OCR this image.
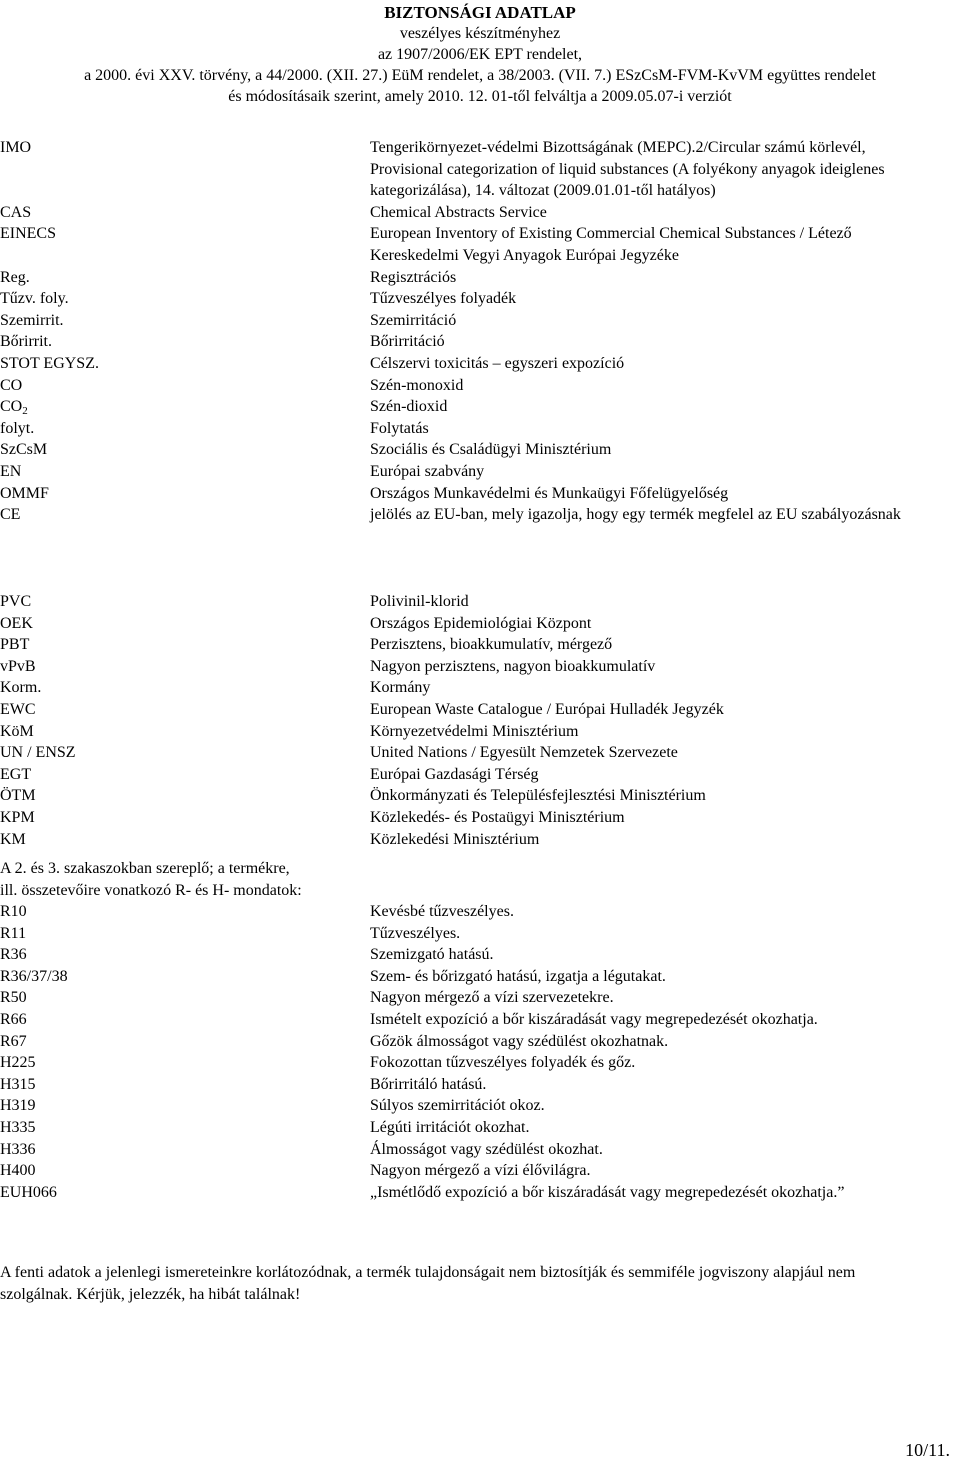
BIZTONSÁGI ADATLAP
veszélyes készítményhez
az 1907/2006/EK EPT rendelet,
a 2000. évi XXV. törvény, a 44/2000. (XII. 27.) EüM rendelet, a 38/2003. (VII. 7.) ESzCsM-FVM-KvVM együttes rendelet
és módosításaik szerint, amely 2010. 12. 01-től felváltja a 2009.05.07-i verziót
IMO	Tengerikörnyezet-védelmi Bizottságának (MEPC).2/Circular számú körlevél, Provisional categorization of liquid substances (A folyékony anyagok ideiglenes kategorizálása), 14. változat (2009.01.01-től hatályos)
CAS	Chemical Abstracts Service
EINECS	European Inventory of Existing Commercial Chemical Substances / Létező Kereskedelmi Vegyi Anyagok Európai Jegyzéke
Reg.	Regisztrációs
Tűzv. foly.	Tűzveszélyes folyadék
Szemirrit.	Szemirritáció
Bőrirrit.	Bőrirritáció
STOT EGYSZ.	Célszervi toxicitás – egyszeri expozíció
CO	Szén-monoxid
$CO_2$	Szén-dioxid
folyt.	Folytatás
SzCsM	Szociális és Családügyi Minisztérium
EN	Európai szabvány
OMMF	Országos Munkavédelmi és Munkaügyi Főfelügyelőség
CE	jelölés az EU-ban, mely igazolja, hogy egy termék megfelel az EU szabályozásnak
PVC	Polivinil-klorid
OEK	Országos Epidemiológiai Központ
PBT	Perzisztens, bioakkumulatív, mérgező
vPvB	Nagyon perzisztens, nagyon bioakkumulatív
Korm.	Kormány
EWC	European Waste Catalogue / Európai Hulladék Jegyzék
KöM	Környezetvédelmi Minisztérium
UN / ENSZ	United Nations / Egyesült Nemzetek Szervezete
EGT	Európai Gazdasági Térség
ÖTM	Önkormányzati és Településfejlesztési Minisztérium
KPM	Közlekedés- és Postaügyi Minisztérium
KM	Közlekedési Minisztérium
A 2. és 3. szakaszokban szereplő; a termékre,
ill. összetevőire vonatkozó R- és H- mondatok:
R10	Kevésbé tűzveszélyes.
R11	Tűzveszélyes.
R36	Szemizgató hatású.
R36/37/38	Szem- és bőrizgató hatású, izgatja a légutakat.
R50	Nagyon mérgező a vízi szervezetekre.
R66	Ismételt expozíció a bőr kiszáradását vagy megrepedezését okozhatja.
R67	Gőzök álmosságot vagy szédülést okozhatnak.
H225	Fokozottan tűzveszélyes folyadék és gőz.
H315	Bőrirritáló hatású.
H319	Súlyos szemirritációt okoz.
H335	Légúti irritációt okozhat.
H336	Álmosságot vagy szédülést okozhat.
H400	Nagyon mérgező a vízi élővilágra.
EUH066	„Ismétlődő expozíció a bőr kiszáradását vagy megrepedezését okozhatja.”
A fenti adatok a jelenlegi ismereteinkre korlátozódnak, a termék tulajdonságait nem biztosítják és semmiféle jogviszony alapjául nem szolgálnak. Kérjük, jelezzék, ha hibát találnak!
10/11.
